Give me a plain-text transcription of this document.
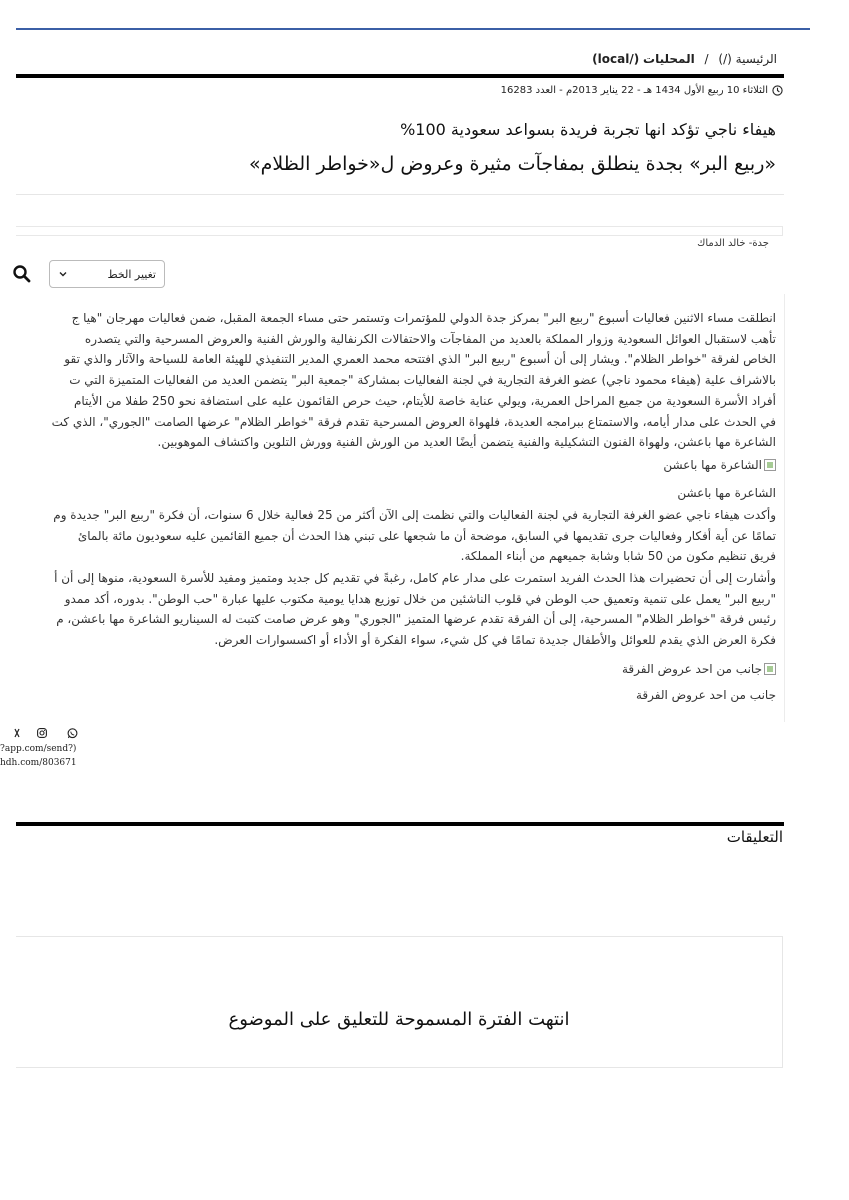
الرئيسية (/) / المحليات (/local)
الثلاثاء 10 ربيع الأول 1434 هـ - 22 يناير 2013م - العدد 16283
هيفاء ناجي تؤكد انها تجربة فريدة بسواعد سعودية 100%
«ربيع البر» بجدة ينطلق بمفاجآت مثيرة وعروض ل«خواطر الظلام»
جدة- خالد الدماك
تغيير الخط
انطلقت مساء الاثنين فعاليات أسبوع "ربيع البر" بمركز جدة الدولي للمؤتمرات وتستمر حتى مساء الجمعة المقبل، ضمن فعاليات مهرجان "هيا ج
تأهب لاستقبال العوائل السعودية وزوار المملكة بالعديد من المفاجآت والاحتفالات الكرنفالية والورش الفنية والعروض المسرحية والتي يتصدره
الخاص لفرقة "خواطر الظلام". ويشار إلى أن أسبوع "ربيع البر" الذي افتتحه محمد العمري المدير التنفيذي للهيئة العامة للسياحة والآثار والذي تقو
بالاشراف علية (هيفاء محمود ناجي) عضو الغرفة التجارية في لجنة الفعاليات بمشاركة "جمعية البر" يتضمن العديد من الفعاليات المتميزة التي ت
أفراد الأسرة السعودية من جميع المراحل العمرية، ويولي عناية خاصة للأيتام، حيث حرص القائمون عليه على استضافة نحو 250 طفلا من الأيتام
في الحدث على مدار أيامه، والاستمتاع ببرامجه العديدة، فلهواة العروض المسرحية تقدم فرقة "خواطر الظلام" عرضها الصامت "الجوري"، الذي كت
الشاعرة مها باعشن، ولهواة الفنون التشكيلية والفنية يتضمن أيضًا العديد من الورش الفنية وورش التلوين واكتشاف الموهوبين.
الشاعرة مها باعشن
الشاعرة مها باعشن
وأكدت هيفاء ناجي عضو الغرفة التجارية في لجنة الفعاليات والتي نظمت إلى الآن أكثر من 25 فعالية خلال 6 سنوات، أن فكرة "ربيع البر" جديدة وم
تمامًا عن أية أفكار وفعاليات جرى تقديمها في السابق، موضحة أن ما شجعها على تبني هذا الحدث أن جميع القائمين عليه سعوديون مائة بالمائ
فريق تنظيم مكون من 50 شابا وشابة جميعهم من أبناء المملكة.
وأشارت إلى أن تحضيرات هذا الحدث الفريد استمرت على مدار عام كامل، رغبةً في تقديم كل جديد ومتميز ومفيد للأسرة السعودية، منوها إلى أن أ
"ربيع البر" يعمل على تنمية وتعميق حب الوطن في قلوب الناشئين من خلال توزيع هدايا يومية مكتوب عليها عبارة "حب الوطن". بدوره، أكد ممدو
رئيس فرقة "خواطر الظلام" المسرحية، إلى أن الفرقة تقدم عرضها المتميز "الجوري" وهو عرض صامت كتبت له السيناريو الشاعرة مها باعشن، م
فكرة العرض الذي يقدم للعوائل والأطفال جديدة تمامًا في كل شيء، سواء الفكرة أو الأداء أو اكسسوارات العرض.
جانب من احد عروض الفرقة
جانب من احد عروض الفرقة
?app.com/send?)
hdh.com/803671
التعليقات
انتهت الفترة المسموحة للتعليق على الموضوع
